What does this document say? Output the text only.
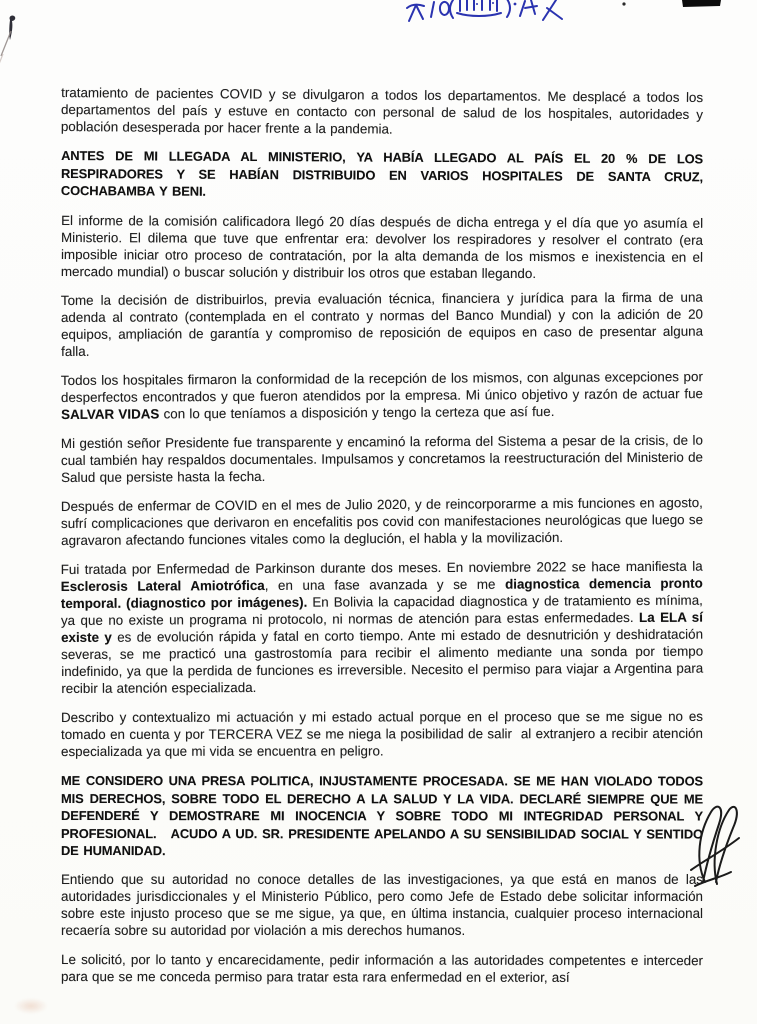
tratamiento de pacientes COVID y se divulgaron a todos los departamentos. Me desplacé a todos los departamentos del país y estuve en contacto con personal de salud de los hospitales, autoridades y población desesperada por hacer frente a la pandemia.

ANTES DE MI LLEGADA AL MINISTERIO, YA HABÍA LLEGADO AL PAÍS EL 20 % DE LOS RESPIRADORES Y SE HABÍAN DISTRIBUIDO EN VARIOS HOSPITALES DE SANTA CRUZ, COCHABAMBA Y BENI.

El informe de la comisión calificadora llegó 20 días después de dicha entrega y el día que yo asumía el Ministerio. El dilema que tuve que enfrentar era: devolver los respiradores y resolver el contrato (era imposible iniciar otro proceso de contratación, por la alta demanda de los mismos e inexistencia en el mercado mundial) o buscar solución y distribuir los otros que estaban llegando.

Tome la decisión de distribuirlos, previa evaluación técnica, financiera y jurídica para la firma de una adenda al contrato (contemplada en el contrato y normas del Banco Mundial) y con la adición de 20 equipos, ampliación de garantía y compromiso de reposición de equipos en caso de presentar alguna falla.

Todos los hospitales firmaron la conformidad de la recepción de los mismos, con algunas excepciones por desperfectos encontrados y que fueron atendidos por la empresa. Mi único objetivo y razón de actuar fue SALVAR VIDAS con lo que teníamos a disposición y tengo la certeza que así fue.

Mi gestión señor Presidente fue transparente y encaminó la reforma del Sistema a pesar de la crisis, de lo cual también hay respaldos documentales. Impulsamos y concretamos la reestructuración del Ministerio de Salud que persiste hasta la fecha.

Después de enfermar de COVID en el mes de Julio 2020, y de reincorporarme a mis funciones en agosto, sufrí complicaciones que derivaron en encefalitis pos covid con manifestaciones neurológicas que luego se agravaron afectando funciones vitales como la deglución, el habla y la movilización.

Fui tratada por Enfermedad de Parkinson durante dos meses. En noviembre 2022 se hace manifiesta la Esclerosis Lateral Amiotrófica, en una fase avanzada y se me diagnostica demencia pronto temporal. (diagnostico por imágenes). En Bolivia la capacidad diagnostica y de tratamiento es mínima, ya que no existe un programa ni protocolo, ni normas de atención para estas enfermedades. La ELA sí existe y es de evolución rápida y fatal en corto tiempo. Ante mi estado de desnutrición y deshidratación severas, se me practicó una gastrostomía para recibir el alimento mediante una sonda por tiempo indefinido, ya que la perdida de funciones es irreversible. Necesito el permiso para viajar a Argentina para recibir la atención especializada.

Describo y contextualizo mi actuación y mi estado actual porque en el proceso que se me sigue no es tomado en cuenta y por TERCERA VEZ se me niega la posibilidad de salir  al extranjero a recibir atención especializada ya que mi vida se encuentra en peligro.

ME CONSIDERO UNA PRESA POLITICA, INJUSTAMENTE PROCESADA. SE ME HAN VIOLADO TODOS MIS DERECHOS, SOBRE TODO EL DERECHO A LA SALUD Y LA VIDA. DECLARÉ SIEMPRE QUE ME DEFENDERÉ Y DEMOSTRARE MI INOCENCIA Y SOBRE TODO MI INTEGRIDAD PERSONAL Y PROFESIONAL.   ACUDO A UD. SR. PRESIDENTE APELANDO A SU SENSIBILIDAD SOCIAL Y SENTIDO DE HUMANIDAD.

Entiendo que su autoridad no conoce detalles de las investigaciones, ya que está en manos de las autoridades jurisdiccionales y el Ministerio Público, pero como Jefe de Estado debe solicitar información sobre este injusto proceso que se me sigue, ya que, en última instancia, cualquier proceso internacional recaería sobre su autoridad por violación a mis derechos humanos.

Le solicitó, por lo tanto y encarecidamente, pedir información a las autoridades competentes e interceder para que se me conceda permiso para tratar esta rara enfermedad en el exterior, así
